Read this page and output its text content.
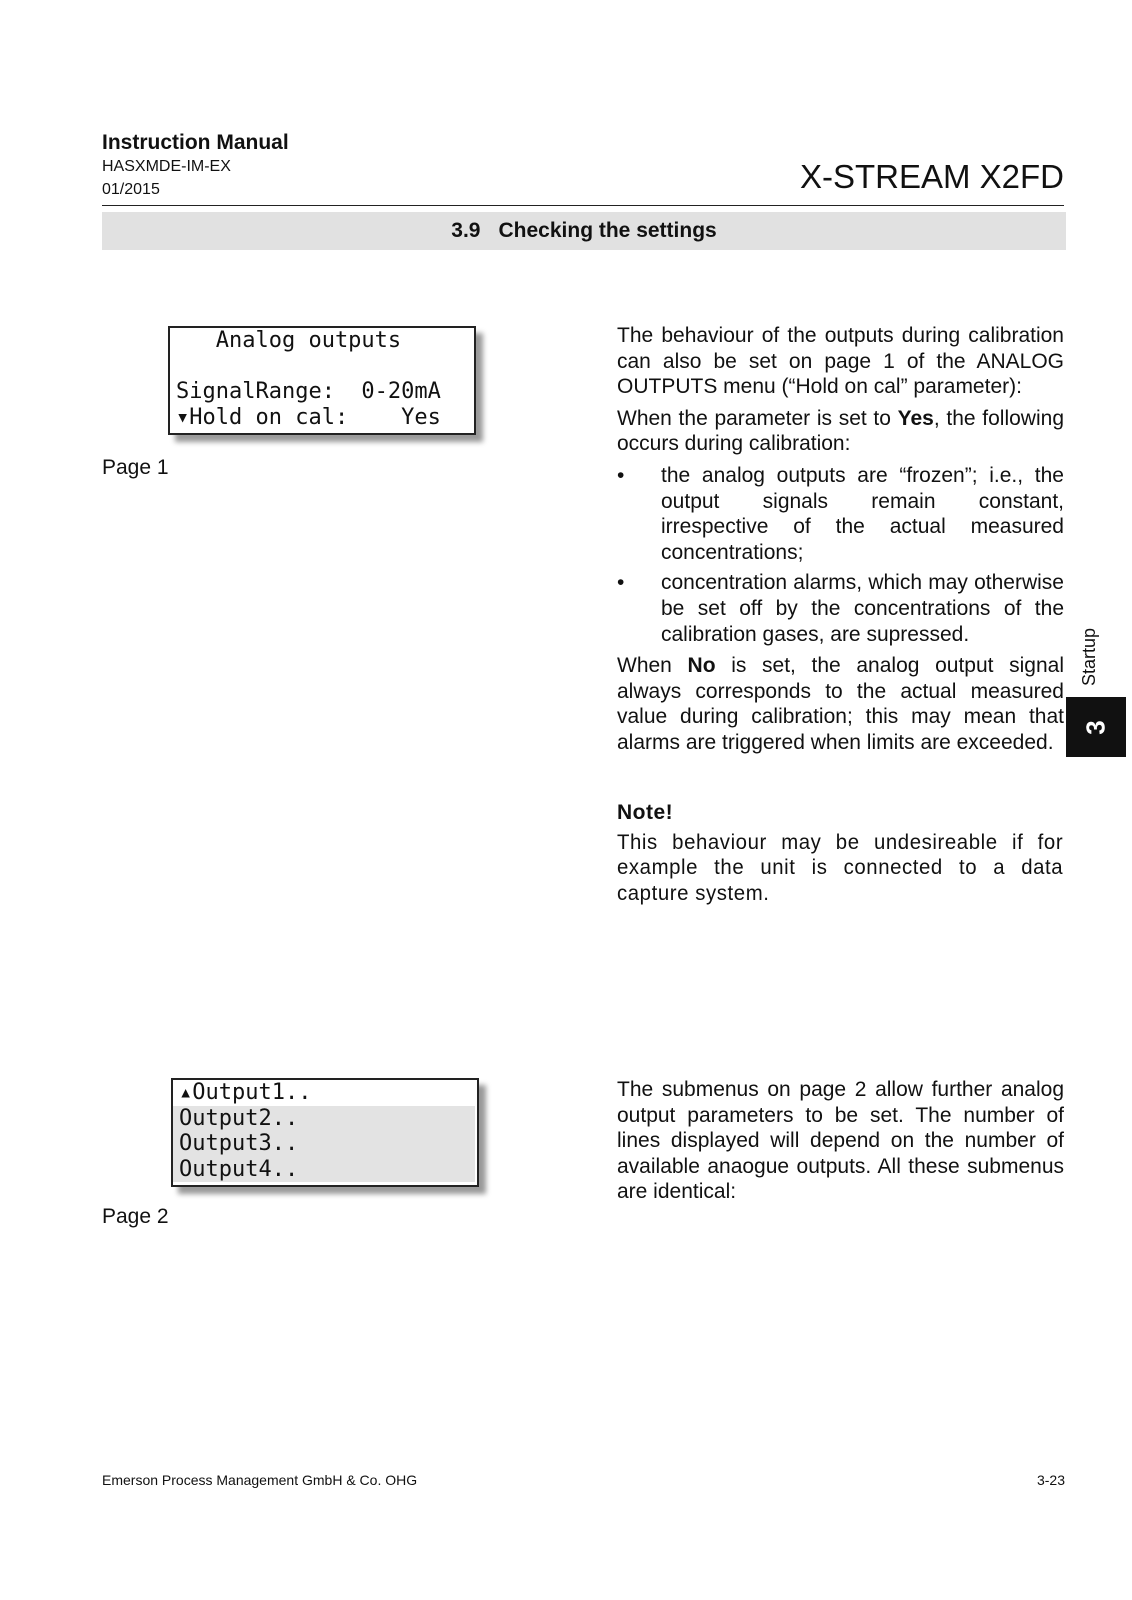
Instruction Manual
HASXMDE-IM-EX
01/2015	X-STREAM X2FD
3.9 Checking the settings
Analog outputs
SignalRange:  0-20mA
▾Hold on cal:    Yes
Page 1

The behaviour of the outputs during calibration can also be set on page 1 of the ANALOG OUTPUTS menu (“Hold on cal” parameter):

When the parameter is set to Yes, the following occurs during calibration:

• the analog outputs are “frozen”; i.e., the output signals remain constant, irrespective of the actual measured concentrations;
• concentration alarms, which may otherwise be set off by the concentrations of the calibration gases, are supressed.

When No is set, the analog output signal always corresponds to the actual measured value during calibration; this may mean that alarms are triggered when limits are exceeded.

Note!
This behaviour may be undesireable if for example the unit is connected to a data capture system.
▴Output1..
Output2..
Output3..
Output4..
Page 2

The submenus on page 2 allow further analog output parameters to be set. The number of lines displayed will depend on the number of available anaogue outputs. All these submenus are identical:

Startup
3
Emerson Process Management GmbH & Co. OHG	3-23
